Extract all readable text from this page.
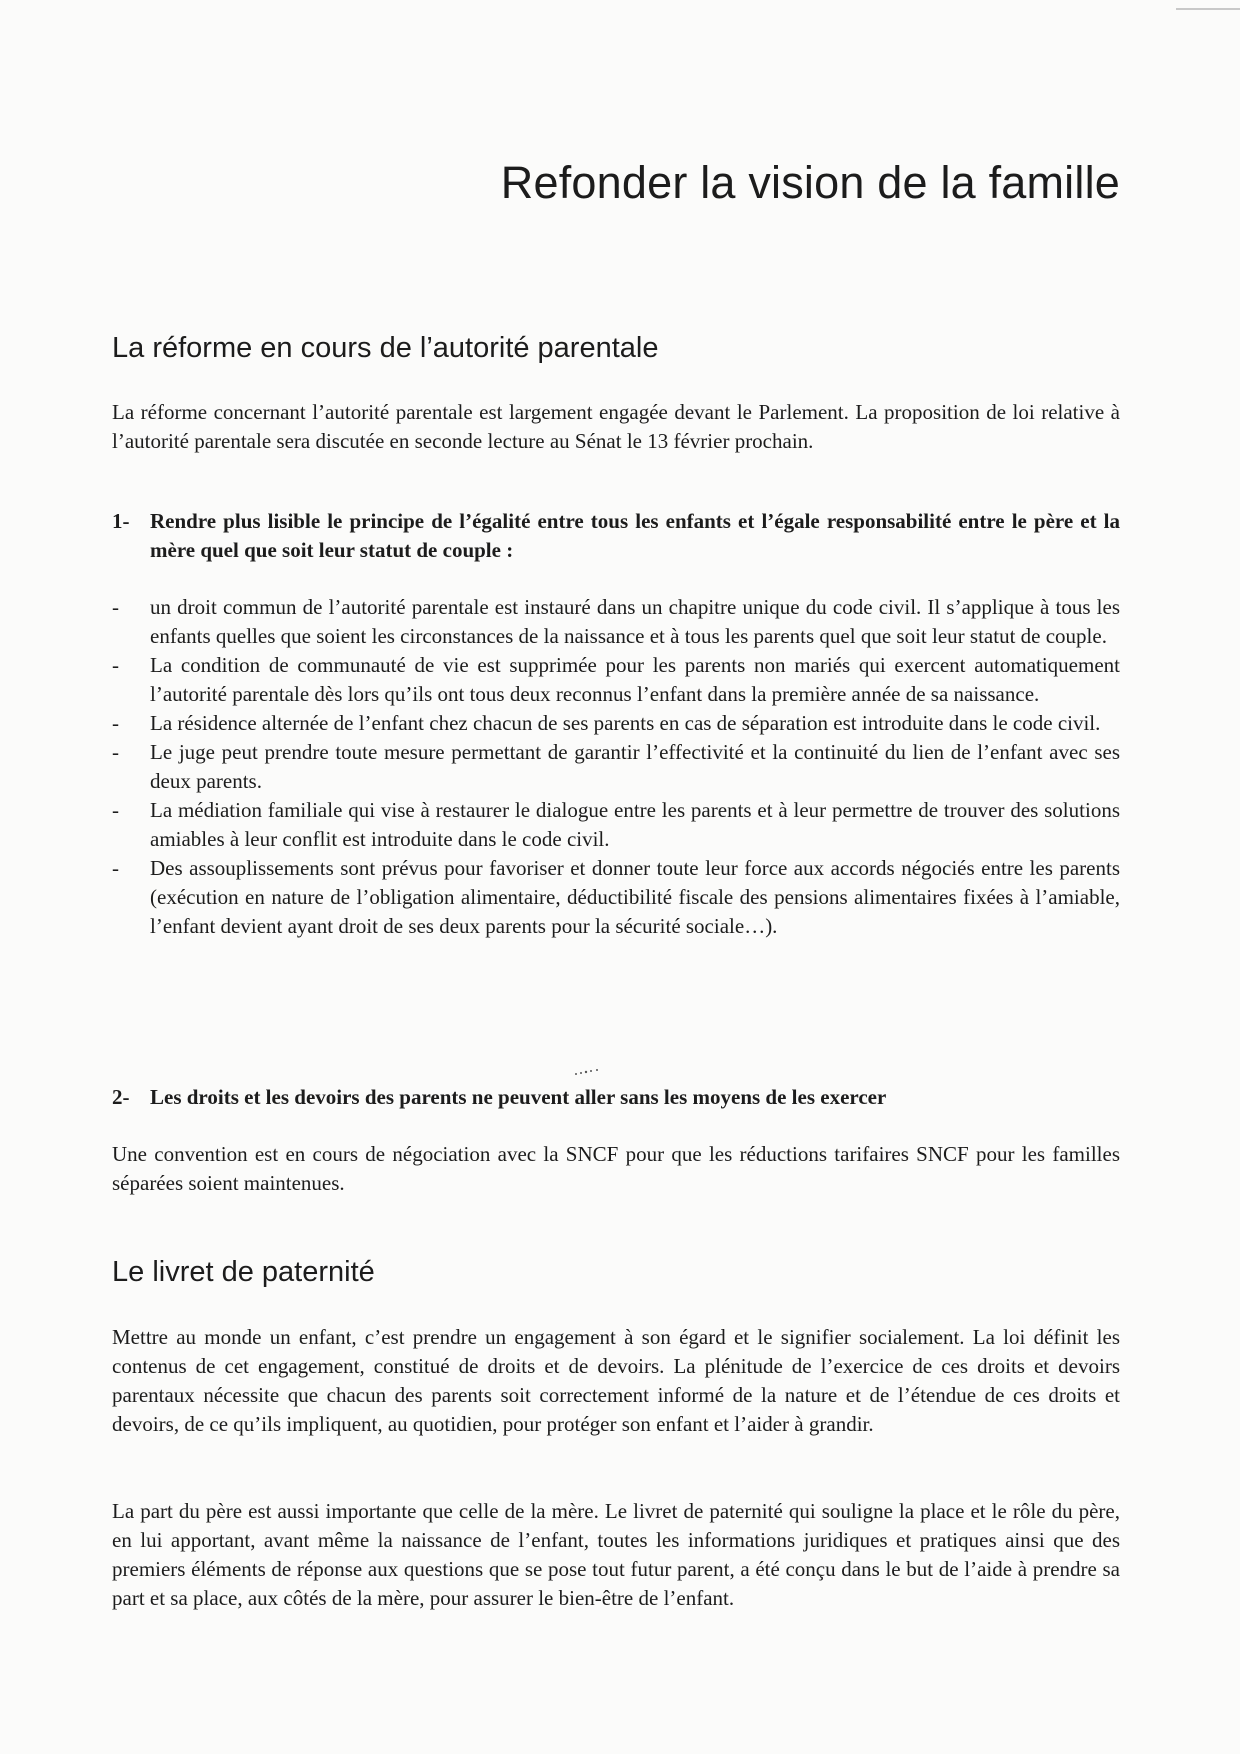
Refonder la vision de la famille
La réforme en cours de l’autorité parentale

La réforme concernant l’autorité parentale est largement engagée devant le Parlement. La proposition de loi relative à l’autorité parentale sera discutée en seconde lecture au Sénat le 13 février prochain.

1- Rendre plus lisible le principe de l’égalité entre tous les enfants et l’égale responsabilité entre le père et la mère quel que soit leur statut de couple :
- un droit commun de l’autorité parentale est instauré dans un chapitre unique du code civil. Il s’applique à tous les enfants quelles que soient les circonstances de la naissance et à tous les parents quel que soit leur statut de couple.
- La condition de communauté de vie est supprimée pour les parents non mariés qui exercent automatiquement l’autorité parentale dès lors qu’ils ont tous deux reconnus l’enfant dans la première année de sa naissance.
- La résidence alternée de l’enfant chez chacun de ses parents en cas de séparation est introduite dans le code civil.
- Le juge peut prendre toute mesure permettant de garantir l’effectivité et la continuité du lien de l’enfant avec ses deux parents.
- La médiation familiale qui vise à restaurer le dialogue entre les parents et à leur permettre de trouver des solutions amiables à leur conflit est introduite dans le code civil.
- Des assouplissements sont prévus pour favoriser et donner toute leur force aux accords négociés entre les parents (exécution en nature de l’obligation alimentaire, déductibilité fiscale des pensions alimentaires fixées à l’amiable, l’enfant devient ayant droit de ses deux parents pour la sécurité sociale…).
2- Les droits et les devoirs des parents ne peuvent aller sans les moyens de les exercer

Une convention est en cours de négociation avec la SNCF pour que les réductions tarifaires SNCF pour les familles séparées soient maintenues.

Le livret de paternité

Mettre au monde un enfant, c’est prendre un engagement à son égard et le signifier socialement. La loi définit les contenus de cet engagement, constitué de droits et de devoirs. La plénitude de l’exercice de ces droits et devoirs parentaux nécessite que chacun des parents soit correctement informé de la nature et de l’étendue de ces droits et devoirs, de ce qu’ils impliquent, au quotidien, pour protéger son enfant et l’aider à grandir.

La part du père est aussi importante que celle de la mère. Le livret de paternité qui souligne la place et le rôle du père, en lui apportant, avant même la naissance de l’enfant, toutes les informations juridiques et pratiques ainsi que des premiers éléments de réponse aux questions que se pose tout futur parent, a été conçu dans le but de l’aide à prendre sa part et sa place, aux côtés de la mère, pour assurer le bien-être de l’enfant.
